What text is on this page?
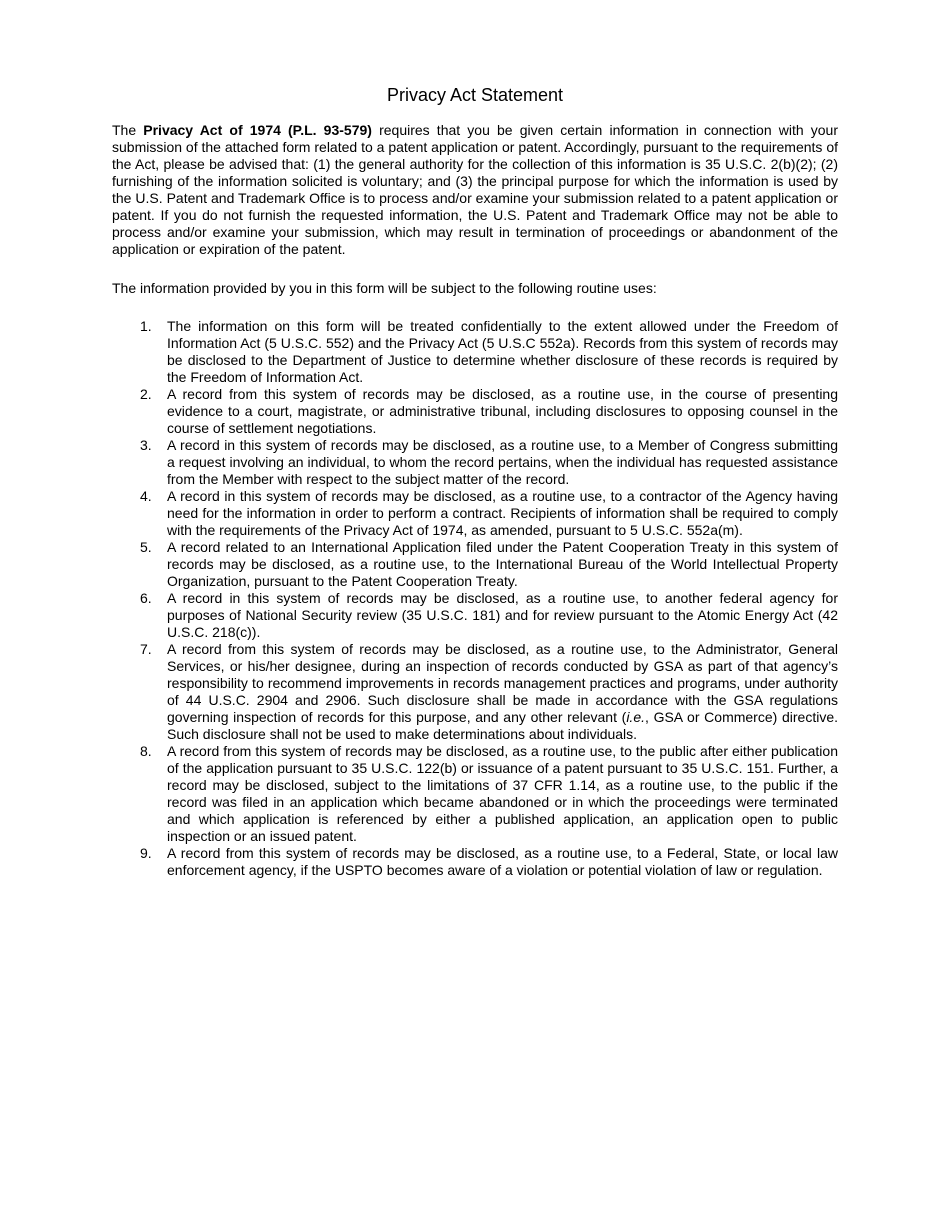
Privacy Act Statement

The Privacy Act of 1974 (P.L. 93-579) requires that you be given certain information in connection with your submission of the attached form related to a patent application or patent. Accordingly, pursuant to the requirements of the Act, please be advised that: (1) the general authority for the collection of this information is 35 U.S.C. 2(b)(2); (2) furnishing of the information solicited is voluntary; and (3) the principal purpose for which the information is used by the U.S. Patent and Trademark Office is to process and/or examine your submission related to a patent application or patent. If you do not furnish the requested information, the U.S. Patent and Trademark Office may not be able to process and/or examine your submission, which may result in termination of proceedings or abandonment of the application or expiration of the patent.

The information provided by you in this form will be subject to the following routine uses:

1. The information on this form will be treated confidentially to the extent allowed under the Freedom of Information Act (5 U.S.C. 552) and the Privacy Act (5 U.S.C 552a). Records from this system of records may be disclosed to the Department of Justice to determine whether disclosure of these records is required by the Freedom of Information Act.
2. A record from this system of records may be disclosed, as a routine use, in the course of presenting evidence to a court, magistrate, or administrative tribunal, including disclosures to opposing counsel in the course of settlement negotiations.
3. A record in this system of records may be disclosed, as a routine use, to a Member of Congress submitting a request involving an individual, to whom the record pertains, when the individual has requested assistance from the Member with respect to the subject matter of the record.
4. A record in this system of records may be disclosed, as a routine use, to a contractor of the Agency having need for the information in order to perform a contract. Recipients of information shall be required to comply with the requirements of the Privacy Act of 1974, as amended, pursuant to 5 U.S.C. 552a(m).
5. A record related to an International Application filed under the Patent Cooperation Treaty in this system of records may be disclosed, as a routine use, to the International Bureau of the World Intellectual Property Organization, pursuant to the Patent Cooperation Treaty.
6. A record in this system of records may be disclosed, as a routine use, to another federal agency for purposes of National Security review (35 U.S.C. 181) and for review pursuant to the Atomic Energy Act (42 U.S.C. 218(c)).
7. A record from this system of records may be disclosed, as a routine use, to the Administrator, General Services, or his/her designee, during an inspection of records conducted by GSA as part of that agency’s responsibility to recommend improvements in records management practices and programs, under authority of 44 U.S.C. 2904 and 2906. Such disclosure shall be made in accordance with the GSA regulations governing inspection of records for this purpose, and any other relevant (i.e., GSA or Commerce) directive. Such disclosure shall not be used to make determinations about individuals.
8. A record from this system of records may be disclosed, as a routine use, to the public after either publication of the application pursuant to 35 U.S.C. 122(b) or issuance of a patent pursuant to 35 U.S.C. 151. Further, a record may be disclosed, subject to the limitations of 37 CFR 1.14, as a routine use, to the public if the record was filed in an application which became abandoned or in which the proceedings were terminated and which application is referenced by either a published application, an application open to public inspection or an issued patent.
9. A record from this system of records may be disclosed, as a routine use, to a Federal, State, or local law enforcement agency, if the USPTO becomes aware of a violation or potential violation of law or regulation.
